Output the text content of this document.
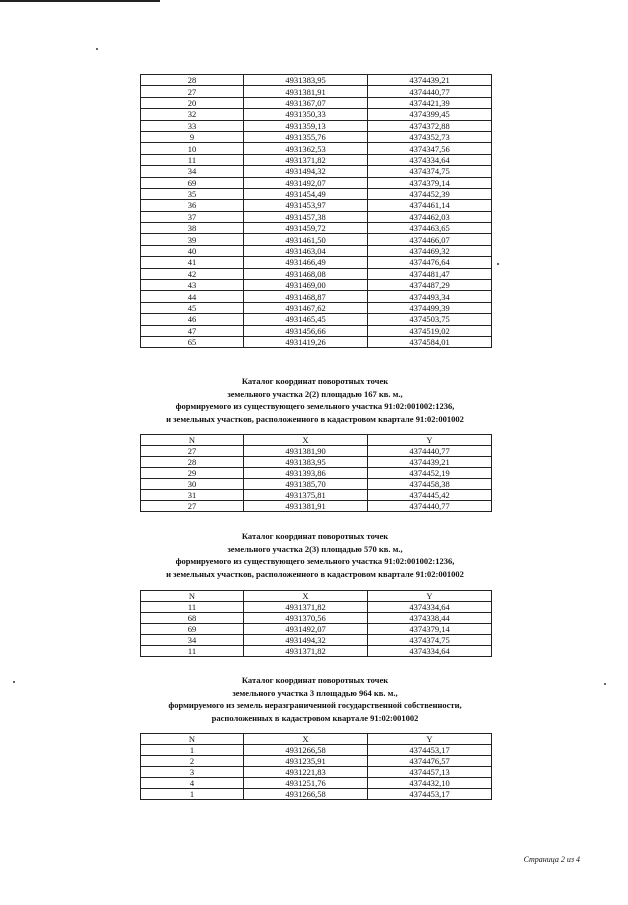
28	4931383,95	4374439,21
27	4931381,91	4374440,77
20	4931367,07	4374421,39
32	4931350,33	4374399,45
33	4931359,13	4374372,88
9	4931355,76	4374352,73
10	4931362,53	4374347,56
11	4931371,82	4374334,64
34	4931494,32	4374374,75
69	4931492,07	4374379,14
35	4931454,49	4374452,39
36	4931453,97	4374461,14
37	4931457,38	4374462,03
38	4931459,72	4374463,65
39	4931461,50	4374466,07
40	4931463,04	4374469,32
41	4931466,49	4374476,64
42	4931468,08	4374481,47
43	4931469,00	4374487,29
44	4931468,87	4374493,34
45	4931467,62	4374499,39
46	4931465,45	4374503,75
47	4931456,66	4374519,02
65	4931419,26	4374584,01
Каталог координат поворотных точек
земельного участка 2(2) площадью 167 кв. м.,
формируемого из существующего земельного участка 91:02:001002:1236,
и земельных участков, расположенного в кадастровом квартале 91:02:001002
N	X	Y
27	4931381,90	4374440,77
28	4931383,95	4374439,21
29	4931393,86	4374452,19
30	4931385,70	4374458,38
31	4931375,81	4374445,42
27	4931381,91	4374440,77
Каталог координат поворотных точек
земельного участка 2(3) площадью 570 кв. м.,
формируемого из существующего земельного участка 91:02:001002:1236,
и земельных участков, расположенного в кадастровом квартале 91:02:001002
N	X	Y
11	4931371,82	4374334,64
68	4931370,56	4374338,44
69	4931492,07	4374379,14
34	4931494,32	4374374,75
11	4931371,82	4374334,64
Каталог координат поворотных точек
земельного участка 3 площадью 964 кв. м.,
формируемого из земель неразграниченной государственной собственности,
расположенных в кадастровом квартале 91:02:001002
N	X	Y
1	4931266,58	4374453,17
2	4931235,91	4374476,57
3	4931221,83	4374457,13
4	4931251,76	4374432,10
1	4931266,58	4374453,17
Страница 2 из 4
